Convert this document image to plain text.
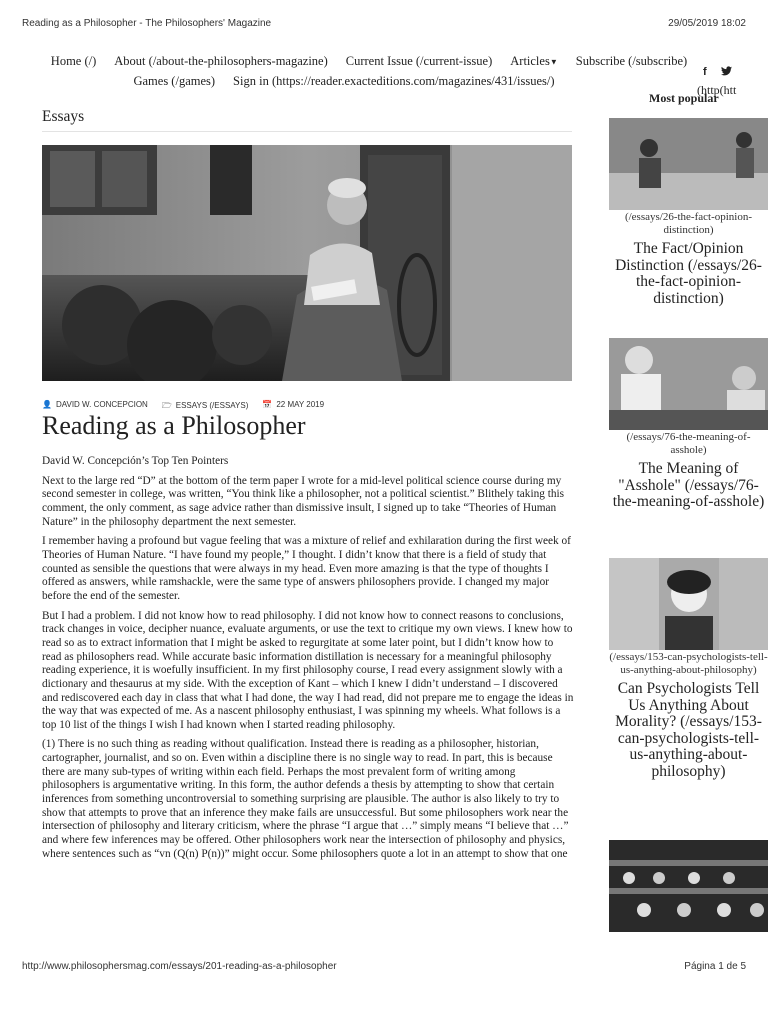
Reading as a Philosopher - The Philosophers' Magazine	29/05/2019 18:02
Home (/) About (/about-the-philosophers-magazine) Current Issue (/current-issue) Articles▼ Subscribe (/subscribe)
Games (/games) Sign in (https://reader.exacteditions.com/magazines/431/issues/)
f
(http(htt
Most popular
Essays
👤 DAVID W. CONCEPCION 🗁 ESSAYS (/ESSAYS) 📅 22 MAY 2019
Reading as a Philosopher

David W. Concepción’s Top Ten Pointers

Next to the large red “D” at the bottom of the term paper I wrote for a mid-level political science course during my second semester in college, was written, “You think like a philosopher, not a political scientist.” Blithely taking this comment, the only comment, as sage advice rather than dismissive insult, I signed up to take “Theories of Human Nature” in the philosophy department the next semester.

I remember having a profound but vague feeling that was a mixture of relief and exhilaration during the first week of Theories of Human Nature. “I have found my people,” I thought. I didn’t know that there is a field of study that counted as sensible the questions that were always in my head. Even more amazing is that the type of thoughts I offered as answers, while ramshackle, were the same type of answers philosophers provide. I changed my major before the end of the semester.

But I had a problem. I did not know how to read philosophy. I did not know how to connect reasons to conclusions, track changes in voice, decipher nuance, evaluate arguments, or use the text to critique my own views. I knew how to read so as to extract information that I might be asked to regurgitate at some later point, but I didn’t know how to read as philosophers read. While accurate basic information distillation is necessary for a meaningful philosophy reading experience, it is woefully insufficient. In my first philosophy course, I read every assignment slowly with a dictionary and thesaurus at my side. With the exception of Kant – which I knew I didn’t understand – I discovered and rediscovered each day in class that what I had done, the way I had read, did not prepare me to engage the ideas in the way that was expected of me. As a nascent philosophy enthusiast, I was spinning my wheels. What follows is a top 10 list of the things I wish I had known when I started reading philosophy.

(1) There is no such thing as reading without qualification. Instead there is reading as a philosopher, historian, cartographer, journalist, and so on. Even within a discipline there is no single way to read. In part, this is because there are many sub-types of writing within each field. Perhaps the most prevalent form of writing among philosophers is argumentative writing. In this form, the author defends a thesis by attempting to show that certain inferences from something uncontroversial to something surprising are plausible. The author is also likely to try to show that attempts to prove that an inference they make fails are unsuccessful. But some philosophers work near the intersection of philosophy and literary criticism, where the phrase “I argue that …” simply means “I believe that …” and where few inferences may be offered. Other philosophers work near the intersection of philosophy and physics, where sentences such as “vn (Q(n) P(n))” might occur. Some philosophers quote a lot in an attempt to show that one

(/essays/26-the-fact-opinion-distinction)
The Fact/Opinion Distinction (/essays/26-the-fact-opinion-distinction)
(/essays/76-the-meaning-of-asshole)
The Meaning of "Asshole" (/essays/76-the-meaning-of-asshole)
(/essays/153-can-psychologists-tell-us-anything-about-philosophy)
Can Psychologists Tell Us Anything About Morality? (/essays/153-can-psychologists-tell-us-anything-about-philosophy)
http://www.philosophersmag.com/essays/201-reading-as-a-philosopher	Página 1 de 5
